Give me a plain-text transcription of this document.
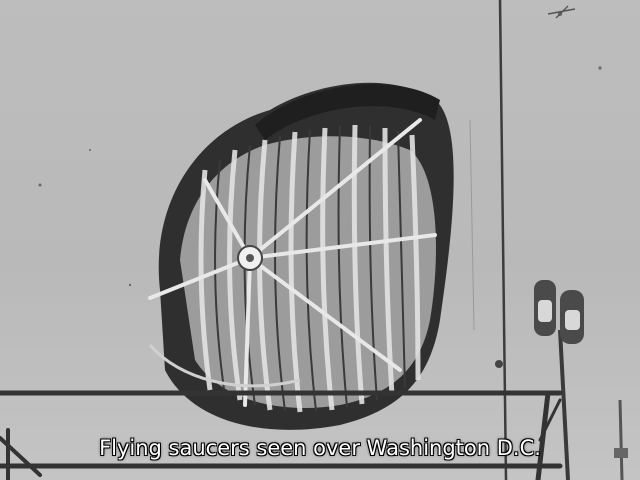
Flying saucers seen over Washington D.C.
